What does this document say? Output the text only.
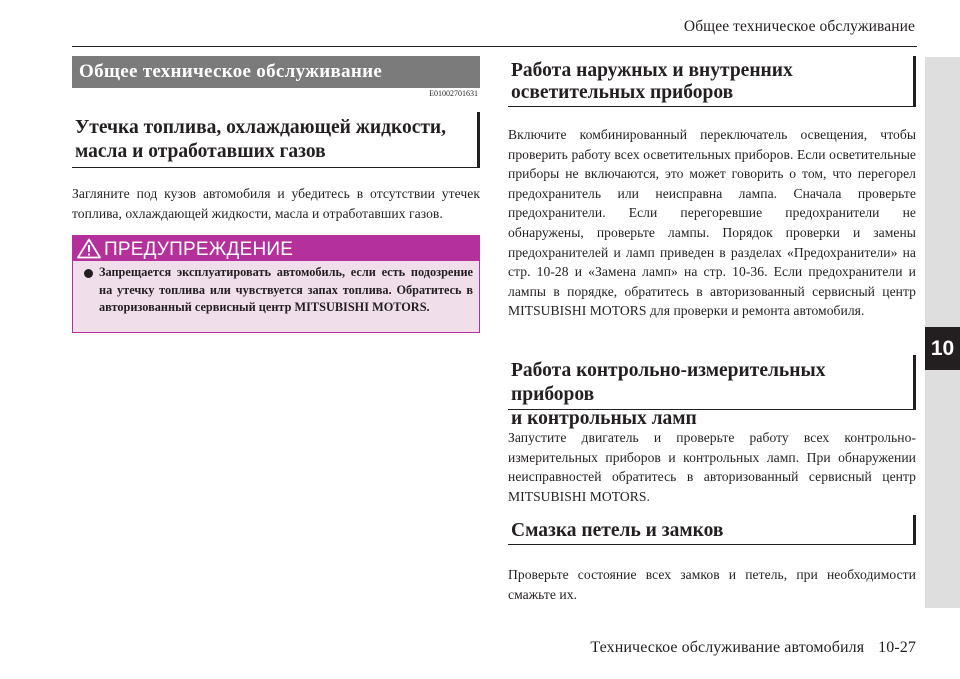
Общее техническое обслуживание
10
Общее техническое обслуживание
E01002701631
Утечка топлива, охлаждающей жидкости,
масла и отработавших газов

Загляните под кузов автомобиля и убедитесь в отсутствии утечек топлива, охлаждающей жидкости, масла и отработавших газов.

ПРЕДУПРЕЖДЕНИЕ

Запрещается эксплуатировать автомобиль, если есть подозрение на утечку топлива или чувствуется запах топлива. Обратитесь в авторизованный сервисный центр MITSUBISHI MOTORS.

Работа наружных и внутренних
осветительных приборов

Включите комбинированный переключатель освещения, чтобы проверить работу всех осветительных приборов. Если осветительные приборы не включаются, это может говорить о том, что перегорел предохранитель или неисправна лампа. Сначала проверьте предохранители. Если перегоревшие предохранители не обнаружены, проверьте лампы. Порядок проверки и замены предохранителей и ламп приведен в разделах «Предохранители» на стр. 10-28 и «Замена ламп» на стр. 10-36. Если предохранители и лампы в порядке, обратитесь в авторизованный сервисный центр MITSUBISHI MOTORS для проверки и ремонта автомобиля.

Работа контрольно-измерительных приборов
и контрольных ламп

Запустите двигатель и проверьте работу всех контрольно-измерительных приборов и контрольных ламп. При обнаружении неисправностей обратитесь в авторизованный сервисный центр MITSUBISHI MOTORS.

Смазка петель и замков

Проверьте состояние всех замков и петель, при необходимости смажьте их.

Техническое обслуживание автомобиля 10-27
